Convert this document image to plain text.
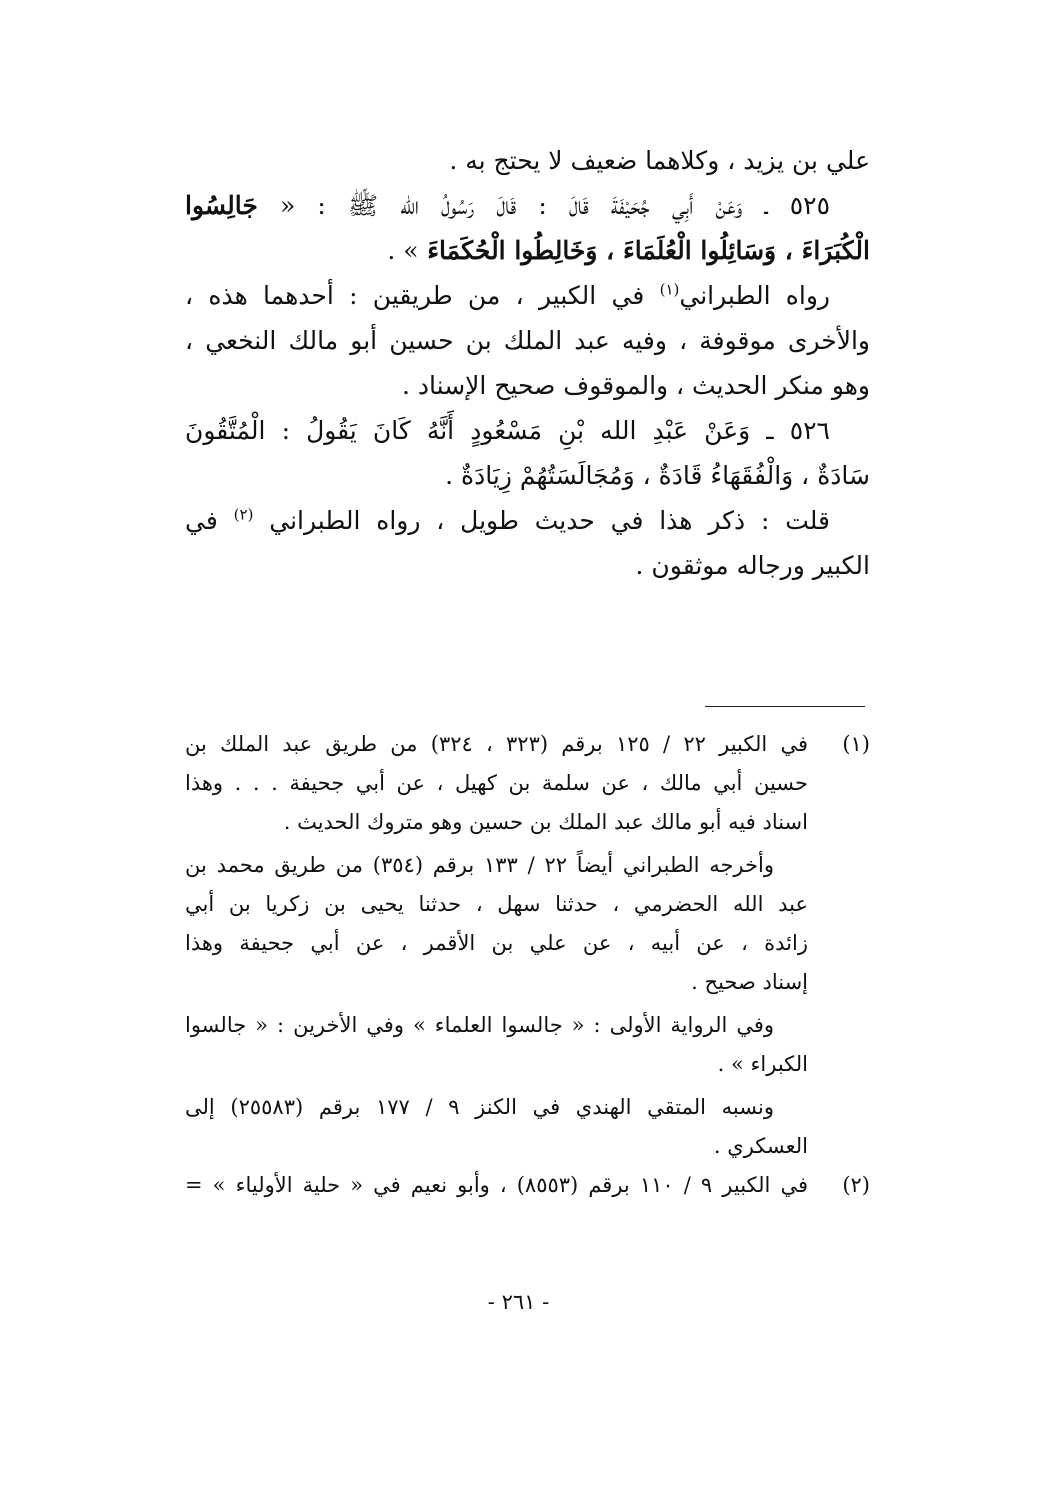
علي بن يزيد ، وكلاهما ضعيف لا يحتج به .
٥٢٥ ـ وَعَنْ أَبِي جُحَيْفَةَ قَالَ : قَالَ رَسُولُ الله ﷺ : « جَالِسُوا
الْكُبَرَاءَ ، وَسَائِلُوا الْعُلَمَاءَ ، وَخَالِطُوا الْحُكَمَاءَ » .
رواه الطبراني$^{(١)}$ في الكبير ، من طريقين : أحدهما هذه ،
والأخرى موقوفة ، وفيه عبد الملك بن حسين أبو مالك النخعي ،
وهو منكر الحديث ، والموقوف صحيح الإسناد .
٥٢٦ ـ وَعَنْ عَبْدِ الله بْنِ مَسْعُودٍ أَنَّهُ كَانَ يَقُولُ : الْمُتَّقُونَ
سَادَةٌ ، وَالْفُقَهَاءُ قَادَةٌ ، وَمُجَالَسَتُهُمْ زِيَادَةٌ .
قلت : ذكر هذا في حديث طويل ، رواه الطبراني $^{(٢)}$ في
الكبير ورجاله موثقون .
(١)
في الكبير ٢٢ / ١٢٥ برقم (٣٢٣ ، ٣٢٤) من طريق عبد الملك بن
حسين أبي مالك ، عن سلمة بن كهيل ، عن أبي جحيفة . . . وهذا
اسناد فيه أبو مالك عبد الملك بن حسين وهو متروك الحديث .
وأخرجه الطبراني أيضاً ٢٢ / ١٣٣ برقم (٣٥٤) من طريق محمد بن
عبد الله الحضرمي ، حدثنا سهل ، حدثنا يحيى بن زكريا بن أبي
زائدة ، عن أبيه ، عن علي بن الأقمر ، عن أبي جحيفة وهذا
إسناد صحيح .
وفي الرواية الأولى : « جالسوا العلماء » وفي الأخرين : « جالسوا
الكبراء » .
ونسبه المتقي الهندي في الكنز ٩ / ١٧٧ برقم (٢٥٥٨٣) إلى
العسكري .
(٢)
في الكبير ٩ / ١١٠ برقم (٨٥٥٣) ، وأبو نعيم في « حلية الأولياء » =
- ٢٦١ -
